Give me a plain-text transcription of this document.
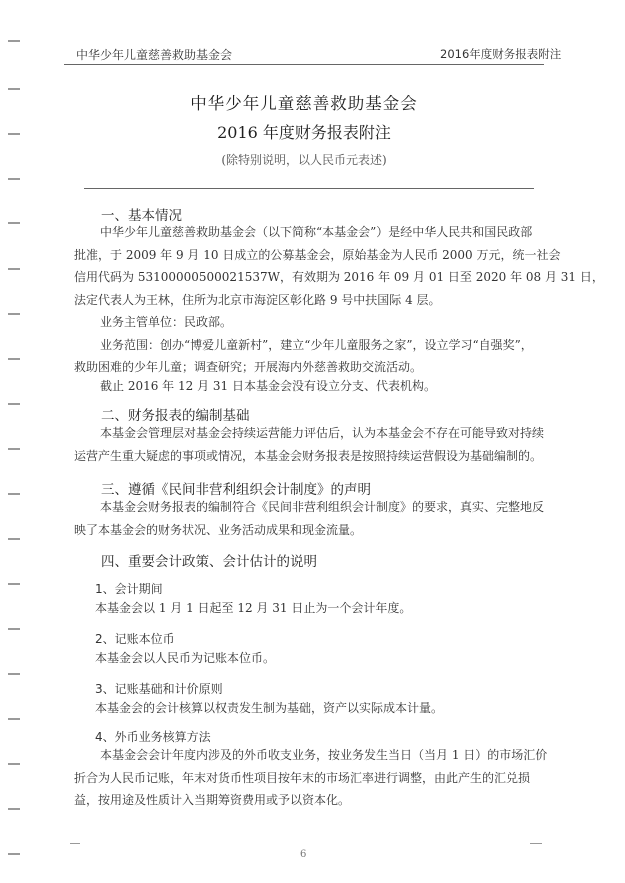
中华少年儿童慈善救助基金会	2016年度财务报表附注
中华少年儿童慈善救助基金会
2016 年度财务报表附注
(除特别说明，以人民币元表述)
一、基本情况
中华少年儿童慈善救助基金会（以下简称“本基金会”）是经中华人民共和国民政部
批准，于 2009 年 9 月 10 日成立的公募基金会，原始基金为人民币 2000 万元，统一社会
信用代码为 53100000500021537W，有效期为 2016 年 09 月 01 日至 2020 年 08 月 31 日，
法定代表人为王林，住所为北京市海淀区彰化路 9 号中扶国际 4 层。
业务主管单位：民政部。
业务范围：创办“博爱儿童新村”，建立“少年儿童服务之家”，设立学习“自强奖”，
救助困难的少年儿童；调查研究；开展海内外慈善救助交流活动。
截止 2016 年 12 月 31 日本基金会没有设立分支、代表机构。
二、财务报表的编制基础
本基金会管理层对基金会持续运营能力评估后，认为本基金会不存在可能导致对持续
运营产生重大疑虑的事项或情况，本基金会财务报表是按照持续运营假设为基础编制的。
三、遵循《民间非营利组织会计制度》的声明
本基金会财务报表的编制符合《民间非营利组织会计制度》的要求，真实、完整地反
映了本基金会的财务状况、业务活动成果和现金流量。
四、重要会计政策、会计估计的说明
1、会计期间
本基金会以 1 月 1 日起至 12 月 31 日止为一个会计年度。
2、记账本位币
本基金会以人民币为记账本位币。
3、记账基础和计价原则
本基金会的会计核算以权责发生制为基础，资产以实际成本计量。
4、外币业务核算方法
本基金会会计年度内涉及的外币收支业务，按业务发生当日（当月 1 日）的市场汇价
折合为人民币记账，年末对货币性项目按年末的市场汇率进行调整，由此产生的汇兑损
益，按用途及性质计入当期筹资费用或予以资本化。
6
